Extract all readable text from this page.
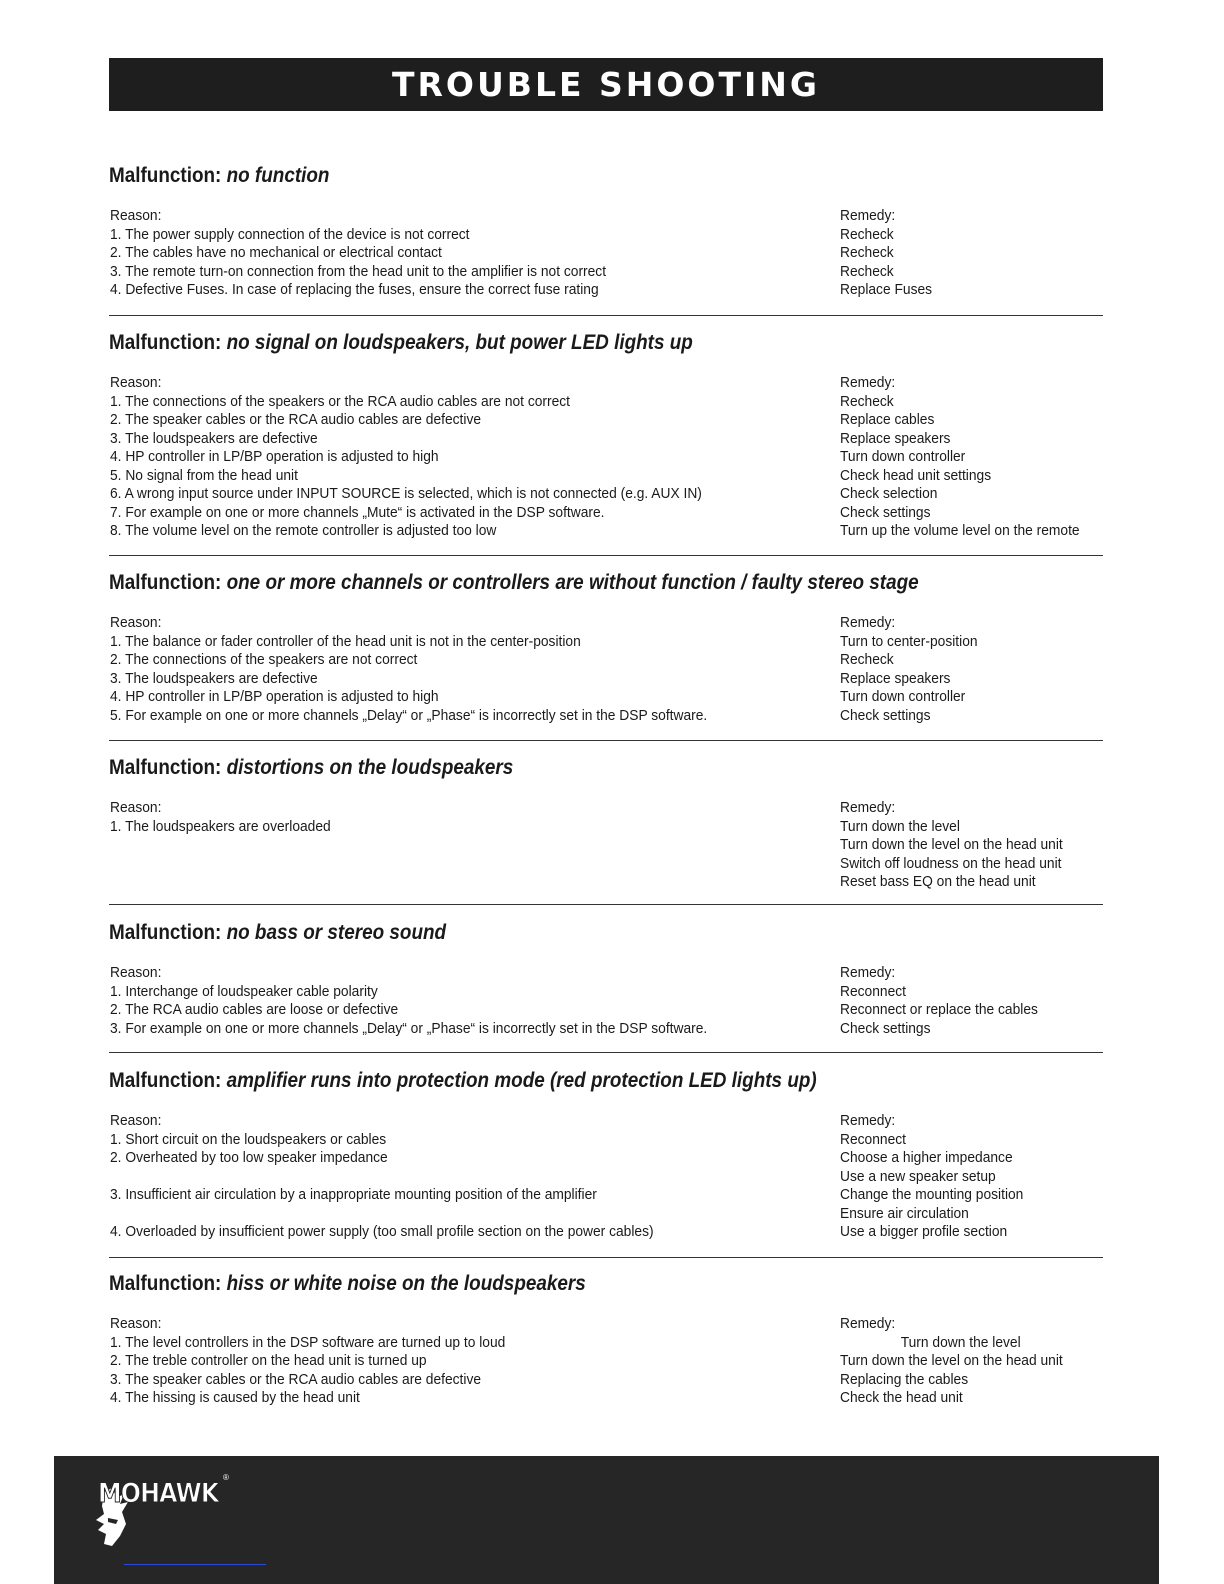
TROUBLE SHOOTING
Malfunction: no function
Reason:
1. The power supply connection of the device is not correct
2. The cables have no mechanical or electrical contact
3. The remote turn-on connection from the head unit to the amplifier is not correct
4. Defective Fuses. In case of replacing the fuses, ensure the correct fuse rating
Remedy:
Recheck
Recheck
Recheck
Replace Fuses
Malfunction: no signal on loudspeakers, but power LED lights up
Reason:
1. The connections of the speakers or the RCA audio cables are not correct
2. The speaker cables or the RCA audio cables are defective
3. The loudspeakers are defective
4. HP controller in LP/BP operation is adjusted to high
5. No signal from the head unit
6. A wrong input source under INPUT SOURCE is selected, which is not connected (e.g. AUX IN)
7. For example on one or more channels „Mute“ is activated in the DSP software.
8. The volume level on the remote controller is adjusted too low
Remedy:
Recheck
Replace cables
Replace speakers
Turn down controller
Check head unit settings
Check selection
Check settings
Turn up the volume level on the remote
Malfunction: one or more channels or controllers are without function / faulty stereo stage
Reason:
1. The balance or fader controller of the head unit is not in the center-position
2. The connections of the speakers are not correct
3. The loudspeakers are defective
4. HP controller in LP/BP operation is adjusted to high
5. For example on one or more channels „Delay“ or „Phase“ is incorrectly set in the DSP software.
Remedy:
Turn to center-position
Recheck
Replace speakers
Turn down controller
Check settings
Malfunction: distortions on the loudspeakers
Reason:
1. The loudspeakers are overloaded

Remedy:
Turn down the level
Turn down the level on the head unit
Switch off loudness on the head unit
Reset bass EQ on the head unit
Malfunction: no bass or stereo sound
Reason:
1. Interchange of loudspeaker cable polarity
2. The RCA audio cables are loose or defective
3. For example on one or more channels „Delay“ or „Phase“ is incorrectly set in the DSP software.
Remedy:
Reconnect
Reconnect or replace the cables
Check settings
Malfunction: amplifier runs into protection mode (red protection LED lights up)
Reason:
1. Short circuit on the loudspeakers or cables
2. Overheated by too low speaker impedance

3. Insufficient air circulation by a inappropriate mounting position of the amplifier

4. Overloaded by insufficient power supply (too small profile section on the power cables)
Remedy:
Reconnect
Choose a higher impedance
Use a new speaker setup
Change the mounting position
Ensure air circulation
Use a bigger profile section
Malfunction: hiss or white noise on the loudspeakers
Reason:
1. The level controllers in the DSP software are turned up to loud
2. The treble controller on the head unit is turned up
3. The speaker cables or the RCA audio cables are defective
4. The hissing is caused by the head unit
Remedy:
Turn down the level
Turn down the level on the head unit
Replacing the cables
Check the head unit
MOHAWK
®
